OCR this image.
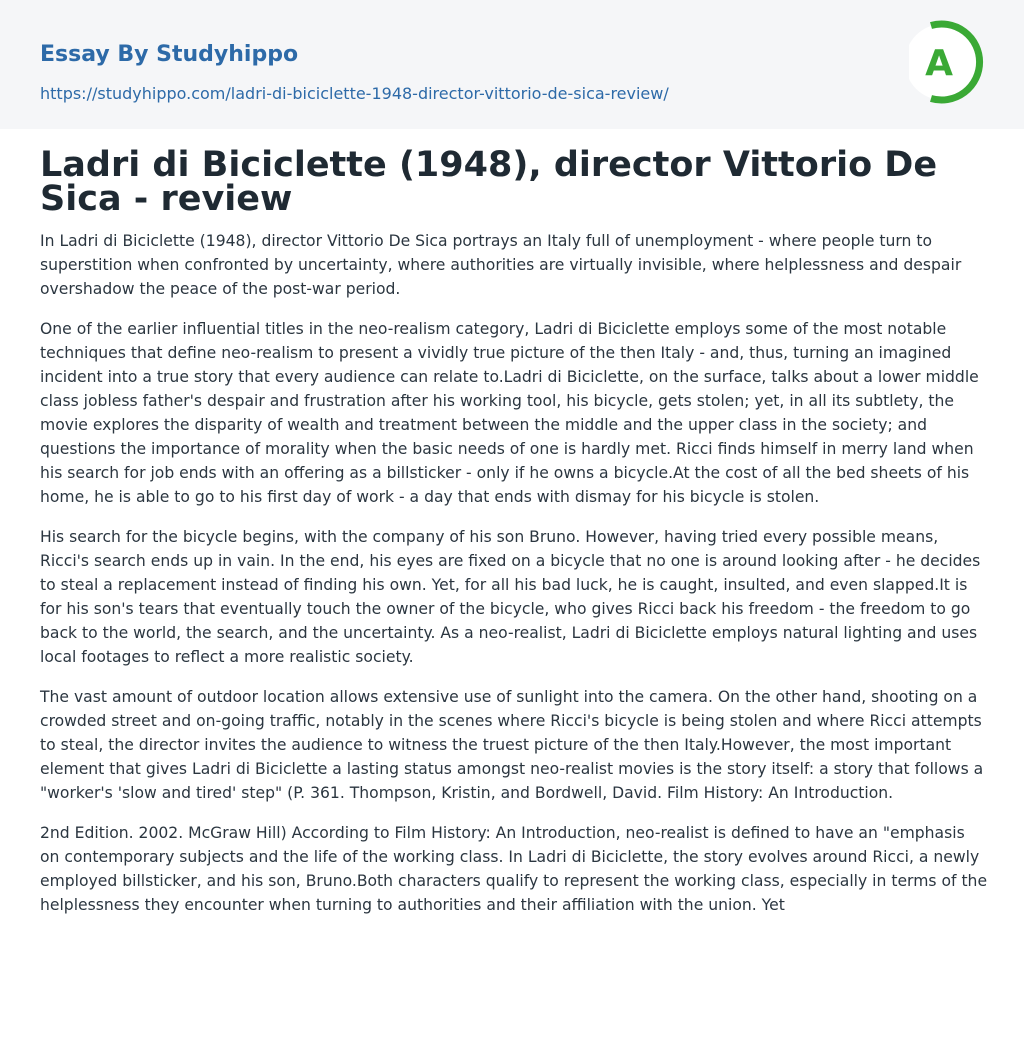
Essay By Studyhippo
https://studyhippo.com/ladri-di-biciclette-1948-director-vittorio-de-sica-review/
A
Ladri di Biciclette (1948), director Vittorio De Sica - review

In Ladri di Biciclette (1948), director Vittorio De Sica portrays an Italy full of unemployment - where people turn to superstition when confronted by uncertainty, where authorities are virtually invisible, where helplessness and despair overshadow the peace of the post-war period.

One of the earlier influential titles in the neo-realism category, Ladri di Biciclette employs some of the most notable techniques that define neo-realism to present a vividly true picture of the then Italy - and, thus, turning an imagined incident into a true story that every audience can relate to.Ladri di Biciclette, on the surface, talks about a lower middle class jobless father's despair and frustration after his working tool, his bicycle, gets stolen; yet, in all its subtlety, the movie explores the disparity of wealth and treatment between the middle and the upper class in the society; and questions the importance of morality when the basic needs of one is hardly met. Ricci finds himself in merry land when his search for job ends with an offering as a billsticker - only if he owns a bicycle.At the cost of all the bed sheets of his home, he is able to go to his first day of work - a day that ends with dismay for his bicycle is stolen.

His search for the bicycle begins, with the company of his son Bruno. However, having tried every possible means, Ricci's search ends up in vain. In the end, his eyes are fixed on a bicycle that no one is around looking after - he decides to steal a replacement instead of finding his own. Yet, for all his bad luck, he is caught, insulted, and even slapped.It is for his son's tears that eventually touch the owner of the bicycle, who gives Ricci back his freedom - the freedom to go back to the world, the search, and the uncertainty. As a neo-realist, Ladri di Biciclette employs natural lighting and uses local footages to reflect a more realistic society.

The vast amount of outdoor location allows extensive use of sunlight into the camera. On the other hand, shooting on a crowded street and on-going traffic, notably in the scenes where Ricci's bicycle is being stolen and where Ricci attempts to steal, the director invites the audience to witness the truest picture of the then Italy.However, the most important element that gives Ladri di Biciclette a lasting status amongst neo-realist movies is the story itself: a story that follows a "worker's 'slow and tired' step" (P. 361. Thompson, Kristin, and Bordwell, David. Film History: An Introduction.

2nd Edition. 2002. McGraw Hill) According to Film History: An Introduction, neo-realist is defined to have an "emphasis on contemporary subjects and the life of the working class. In Ladri di Biciclette, the story evolves around Ricci, a newly employed billsticker, and his son, Bruno.Both characters qualify to represent the working class, especially in terms of the helplessness they encounter when turning to authorities and their affiliation with the union. Yet
